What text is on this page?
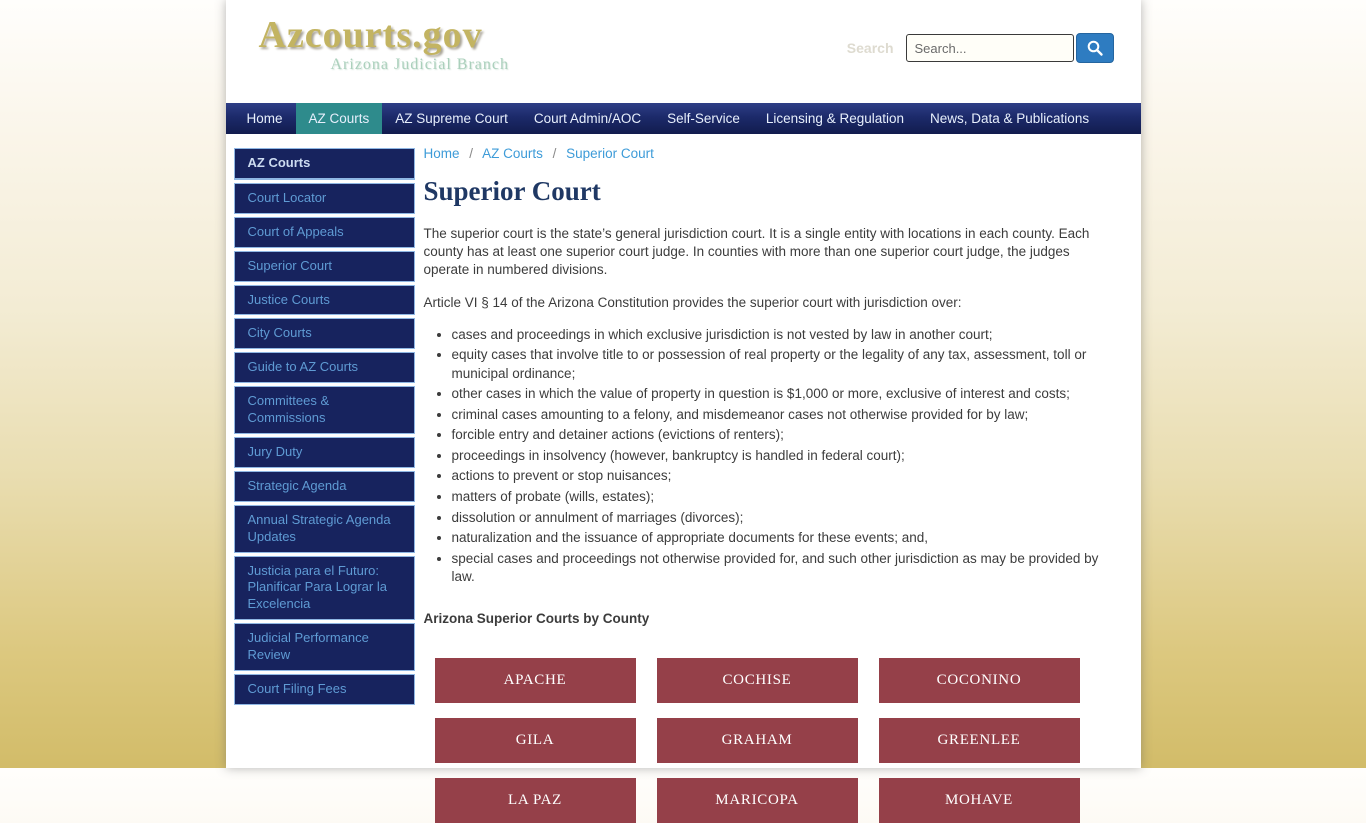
Azcourts.gov
Arizona Judicial Branch
Search
Search...
Home	AZ Courts	AZ Supreme Court	Court Admin/AOC	Self-Service	Licensing & Regulation	News, Data & Publications
AZ Courts
Court Locator
Court of Appeals
Superior Court
Justice Courts
City Courts
Guide to AZ Courts
Committees & Commissions
Jury Duty
Strategic Agenda
Annual Strategic Agenda Updates
Justicia para el Futuro: Planificar Para Lograr la Excelencia
Judicial Performance Review
Court Filing Fees
Home / AZ Courts / Superior Court
Superior Court

The superior court is the state’s general jurisdiction court. It is a single entity with locations in each county. Each county has at least one superior court judge. In counties with more than one superior court judge, the judges operate in numbered divisions.

Article VI § 14 of the Arizona Constitution provides the superior court with jurisdiction over:

• cases and proceedings in which exclusive jurisdiction is not vested by law in another court;
• equity cases that involve title to or possession of real property or the legality of any tax, assessment, toll or municipal ordinance;
• other cases in which the value of property in question is $1,000 or more, exclusive of interest and costs;
• criminal cases amounting to a felony, and misdemeanor cases not otherwise provided for by law;
• forcible entry and detainer actions (evictions of renters);
• proceedings in insolvency (however, bankruptcy is handled in federal court);
• actions to prevent or stop nuisances;
• matters of probate (wills, estates);
• dissolution or annulment of marriages (divorces);
• naturalization and the issuance of appropriate documents for these events; and,
• special cases and proceedings not otherwise provided for, and such other jurisdiction as may be provided by law.

Arizona Superior Courts by County

APACHE	COCHISE	COCONINO
GILA	GRAHAM	GREENLEE
LA PAZ	MARICOPA	MOHAVE
